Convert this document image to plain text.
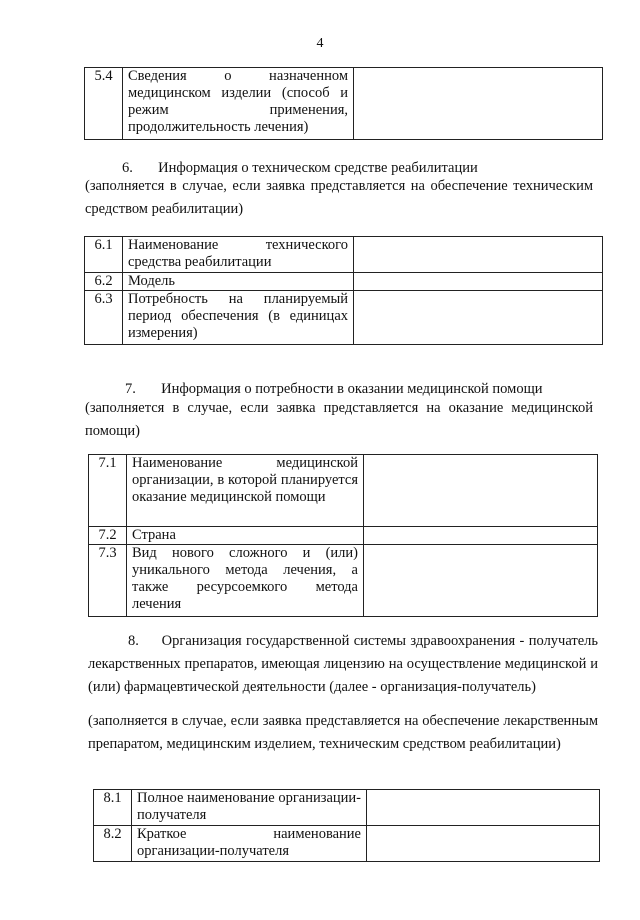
4
5.4	Сведения о назначенном медицинском изделии (способ и режим применения, продолжительность лечения)	
6. Информация о техническом средстве реабилитации
(заполняется в случае, если заявка представляется на обеспечение техническим средством реабилитации)
6.1	Наименование технического средства реабилитации	
6.2	Модель	
6.3	Потребность на планируемый период обеспечения (в единицах измерения)	
7. Информация о потребности в оказании медицинской помощи
(заполняется в случае, если заявка представляется на оказание медицинской помощи)
7.1	Наименование медицинской организации, в которой планируется оказание медицинской помощи	
7.2	Страна	
7.3	Вид нового сложного и (или) уникального метода лечения, а также ресурсоемкого метода лечения	
8. Организация государственной системы здравоохранения - получатель лекарственных препаратов, имеющая лицензию на осуществление медицинской и (или) фармацевтической деятельности (далее - организация-получатель)
(заполняется в случае, если заявка представляется на обеспечение лекарственным препаратом, медицинским изделием, техническим средством реабилитации)
8.1	Полное наименование организации-получателя	
8.2	Краткое наименование организации-получателя	
